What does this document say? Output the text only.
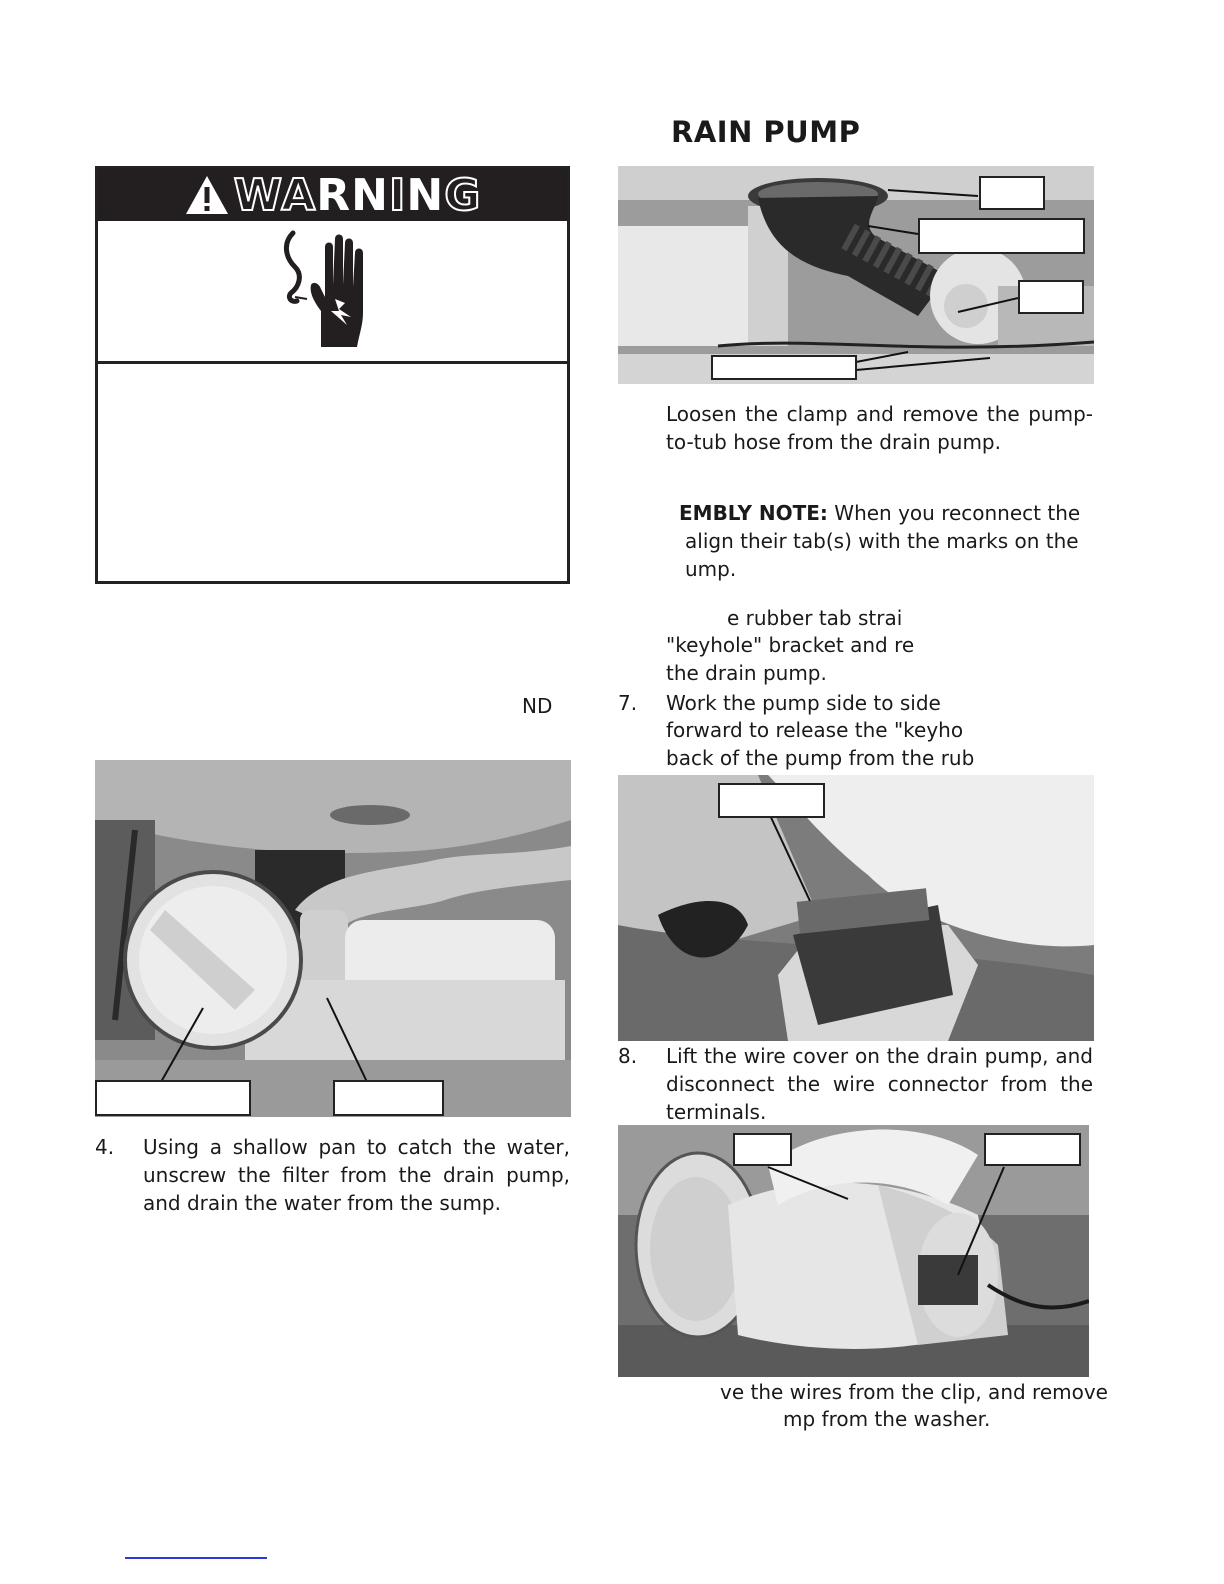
RAIN PUMP
WA RN I N G
ND
4. Using a shallow pan to catch the water, unscrew the filter from the drain pump, and drain the water from the sump.
Loosen the clamp and remove the pump-to-tub hose from the drain pump.
EMBLY NOTE: When you reconnect the
align their tab(s) with the marks on the
ump.
e rubber tab strai
"keyhole" bracket and re
the drain pump.
7. Work the pump side to side
forward to release the "keyho
back of the pump from the rub
8. Lift the wire cover on the drain pump, and disconnect the wire connector from the terminals.
ve the wires from the clip, and remove
mp from the washer.
